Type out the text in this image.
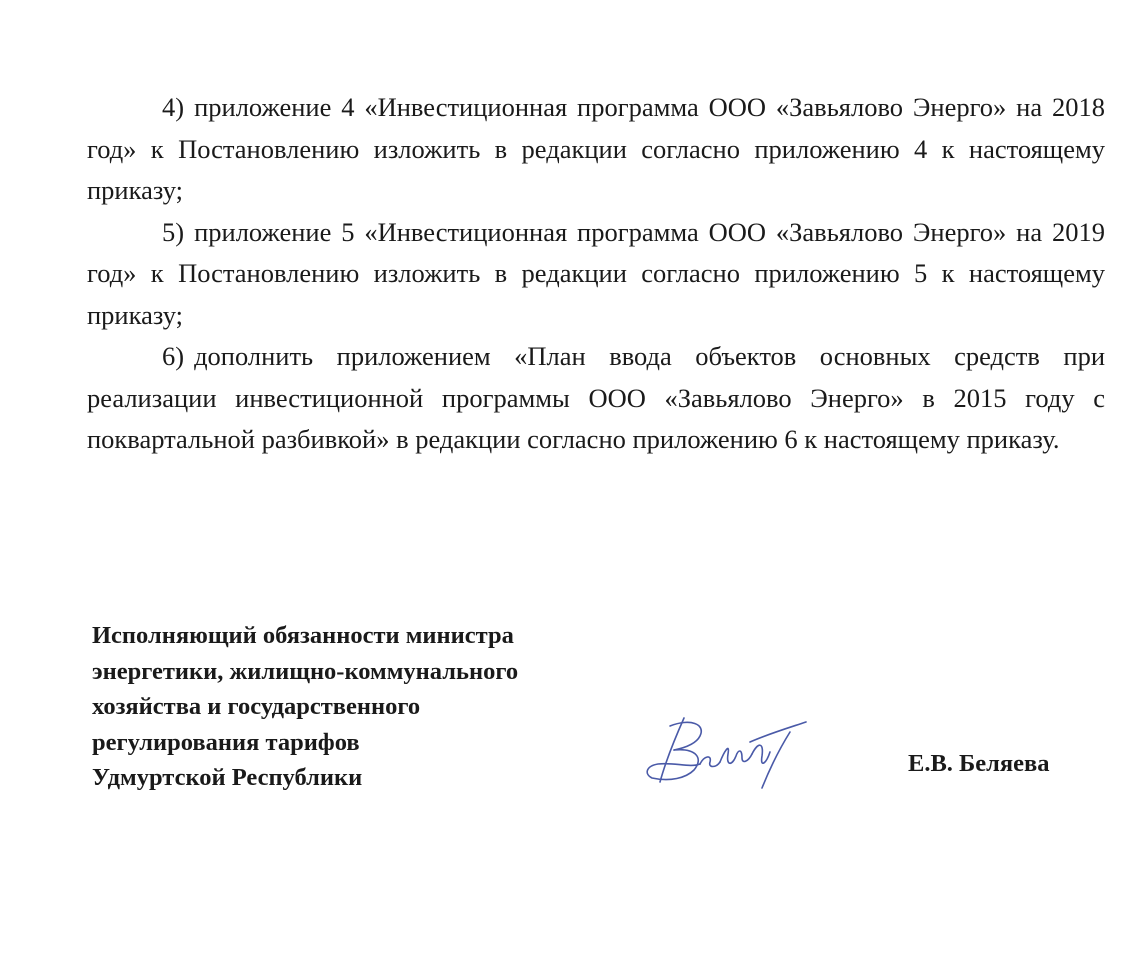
4) приложение 4 «Инвестиционная программа ООО «Завьялово Энерго» на 2018 год» к Постановлению изложить в редакции согласно приложению 4 к настоящему приказу;
5) приложение 5 «Инвестиционная программа ООО «Завьялово Энерго» на 2019 год» к Постановлению изложить в редакции согласно приложению 5 к настоящему приказу;
6) дополнить приложением «План ввода объектов основных средств при реализации инвестиционной программы ООО «Завьялово Энерго» в 2015 году с поквартальной разбивкой» в редакции согласно приложению 6 к настоящему приказу.
Исполняющий обязанности министра
энергетики, жилищно-коммунального
хозяйства и государственного
регулирования тарифов
Удмуртской Республики
Е.В. Беляева
